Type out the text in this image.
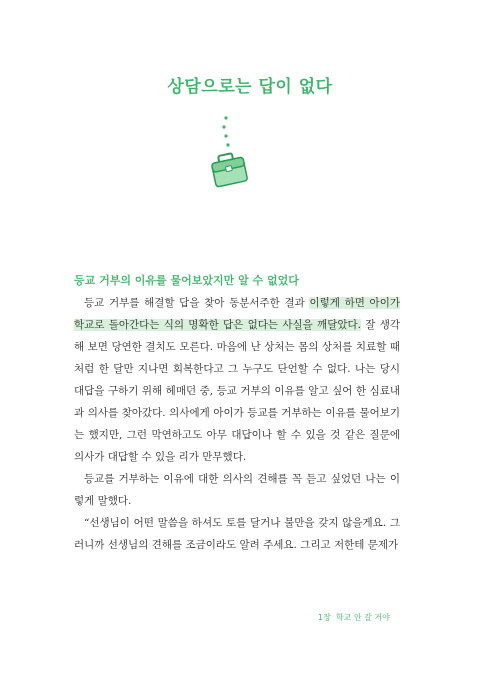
상담으로는 답이 없다
등교 거부의 이유를 물어보았지만 알 수 없었다

등교 거부를 해결할 답을 찾아 동분서주한 결과 이렇게 하면 아이가 학교로 돌아간다는 식의 명확한 답은 없다는 사실을 깨달았다. 잘 생각해 보면 당연한 결치도 모른다. 마음에 난 상처는 몸의 상처를 치료할 때처럼 한 달만 지나면 회복한다고 그 누구도 단언할 수 없다. 나는 당시 대답을 구하기 위해 헤매던 중, 등교 거부의 이유를 알고 싶어 한 심료내과 의사를 찾아갔다. 의사에게 아이가 등교를 거부하는 이유를 물어보기는 했지만, 그런 막연하고도 아무 대답이나 할 수 있을 것 같은 질문에 의사가 대답할 수 있을 리가 만무했다.

등교를 거부하는 이유에 대한 의사의 견해를 꼭 듣고 싶었던 나는 이렇게 말했다.

“선생님이 어떤 말씀을 하셔도 토를 달거나 불만을 갖지 않을게요. 그러니까 선생님의 견해를 조금이라도 알려 주세요. 그리고 저한테 문제가

1장 학교 안 갈 거야
